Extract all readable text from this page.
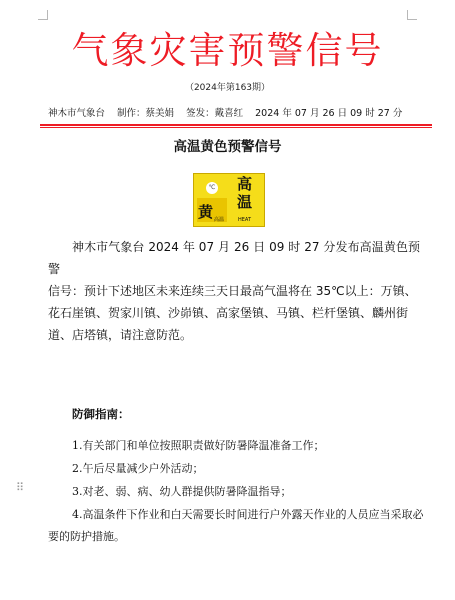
气象灾害预警信号
（2024年第163期）
神木市气象台 制作：蔡美娟 签发：戴喜红 2024 年 07 月 26 日 09 时 27 分
高温黄色预警信号
℃
黄
高
温
高温	HEAT
神木市气象台 2024 年 07 月 26 日 09 时 27 分发布高温黄色预警
信号：预计下述地区未来连续三天日最高气温将在 35℃以上：万镇、
花石崖镇、贺家川镇、沙峁镇、高家堡镇、马镇、栏杆堡镇、麟州街
道、店塔镇，请注意防范。
防御指南：
1.有关部门和单位按照职责做好防暑降温准备工作；
2.午后尽量减少户外活动；
3.对老、弱、病、幼人群提供防暑降温指导；
4.高温条件下作业和白天需要长时间进行户外露天作业的人员应当采取必要的防护措施。
⠿
